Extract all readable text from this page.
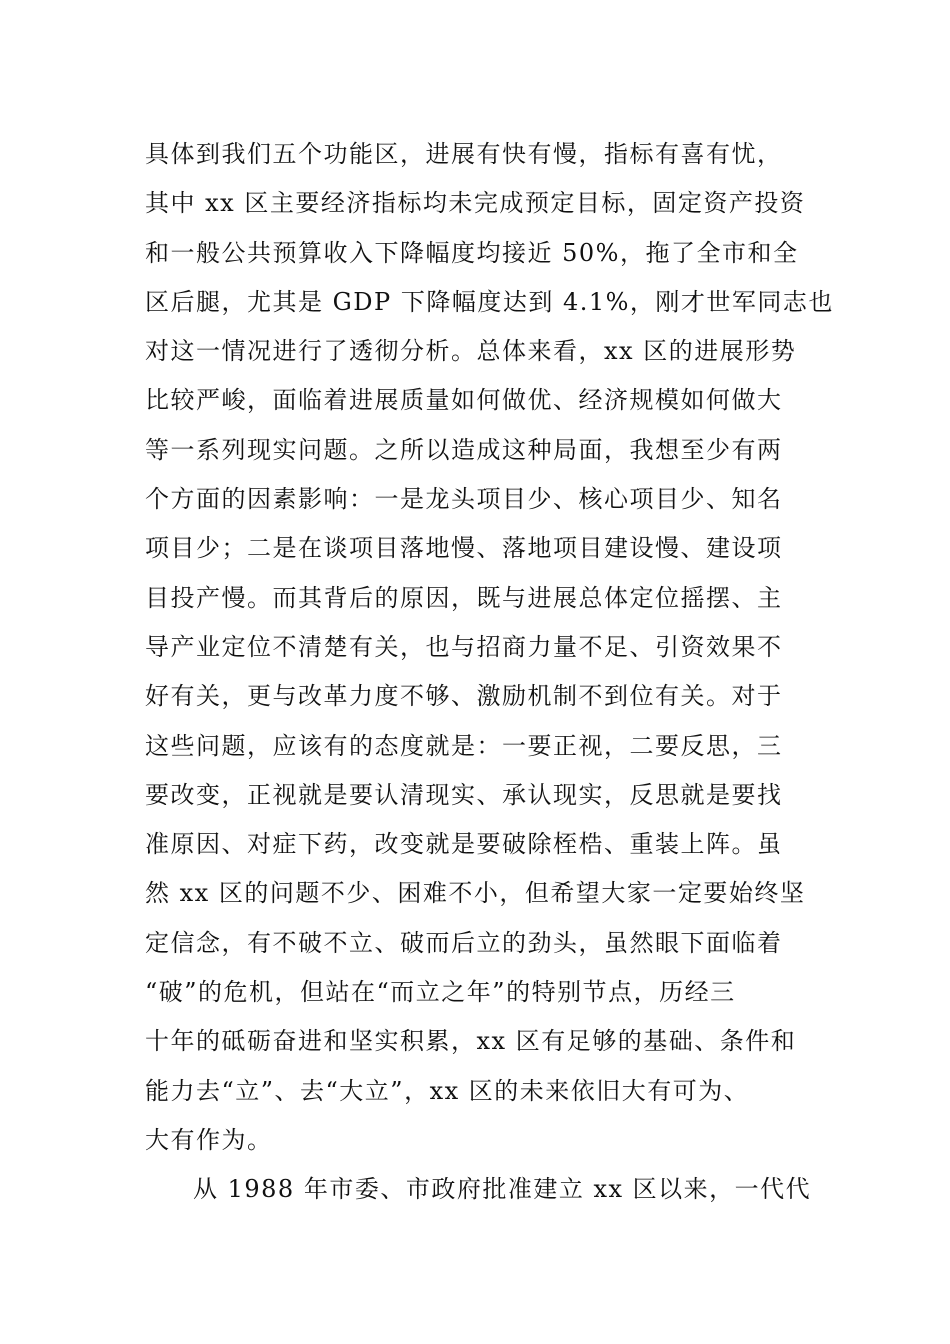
具体到我们五个功能区，进展有快有慢，指标有喜有忧，
其中 xx 区主要经济指标均未完成预定目标，固定资产投资
和一般公共预算收入下降幅度均接近 50%，拖了全市和全
区后腿，尤其是 GDP 下降幅度达到 4.1%，刚才世军同志也
对这一情况进行了透彻分析。总体来看，xx 区的进展形势
比较严峻，面临着进展质量如何做优、经济规模如何做大
等一系列现实问题。之所以造成这种局面，我想至少有两
个方面的因素影响：一是龙头项目少、核心项目少、知名
项目少；二是在谈项目落地慢、落地项目建设慢、建设项
目投产慢。而其背后的原因，既与进展总体定位摇摆、主
导产业定位不清楚有关，也与招商力量不足、引资效果不
好有关，更与改革力度不够、激励机制不到位有关。对于
这些问题，应该有的态度就是：一要正视，二要反思，三
要改变，正视就是要认清现实、承认现实，反思就是要找
准原因、对症下药，改变就是要破除桎梏、重装上阵。虽
然 xx 区的问题不少、困难不小，但希望大家一定要始终坚
定信念，有不破不立、破而后立的劲头，虽然眼下面临着
“破”的危机，但站在“而立之年”的特别节点，历经三
十年的砥砺奋进和坚实积累，xx 区有足够的基础、条件和
能力去“立”、去“大立”，xx 区的未来依旧大有可为、
大有作为。
从 1988 年市委、市政府批准建立 xx 区以来，一代代
